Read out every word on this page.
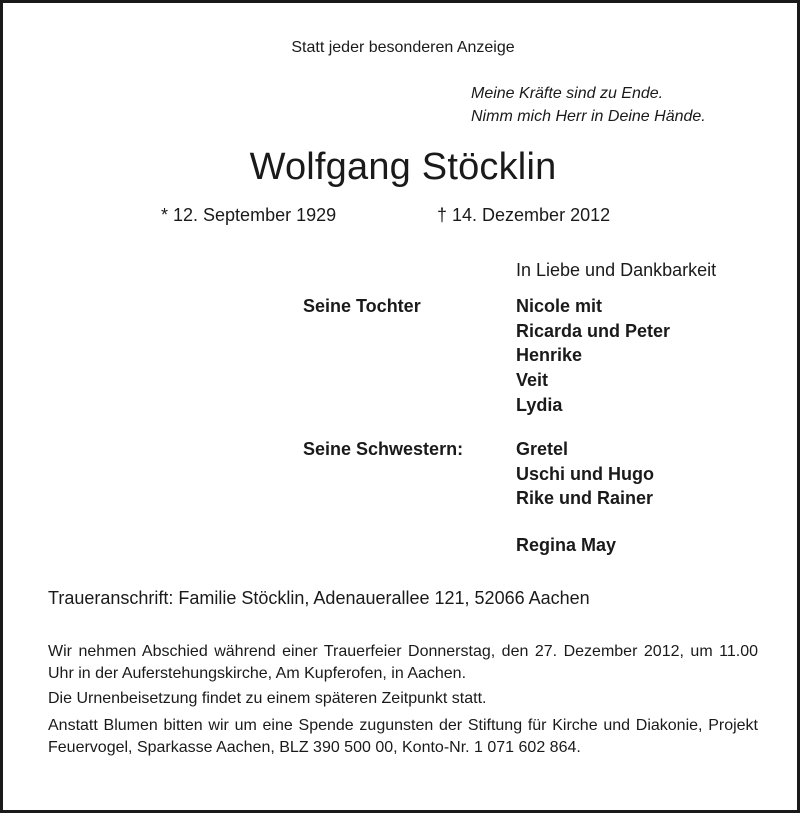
Statt jeder besonderen Anzeige
Meine Kräfte sind zu Ende.
Nimm mich Herr in Deine Hände.
Wolfgang Stöcklin
* 12. September 1929	† 14. Dezember 2012
In Liebe und Dankbarkeit
Seine Tochter	Nicole mit
Ricarda und Peter
Henrike
Veit
Lydia
Seine Schwestern:	Gretel
Uschi und Hugo
Rike und Rainer
Regina May
Traueranschrift: Familie Stöcklin, Adenauerallee 121, 52066 Aachen
Wir nehmen Abschied während einer Trauerfeier Donnerstag, den 27. Dezember 2012, um 11.00 Uhr in der Auferstehungskirche, Am Kupferofen, in Aachen.
Die Urnenbeisetzung findet zu einem späteren Zeitpunkt statt.
Anstatt Blumen bitten wir um eine Spende zugunsten der Stiftung für Kirche und Diakonie, Projekt Feuervogel, Sparkasse Aachen, BLZ 390 500 00, Konto-Nr. 1 071 602 864.
